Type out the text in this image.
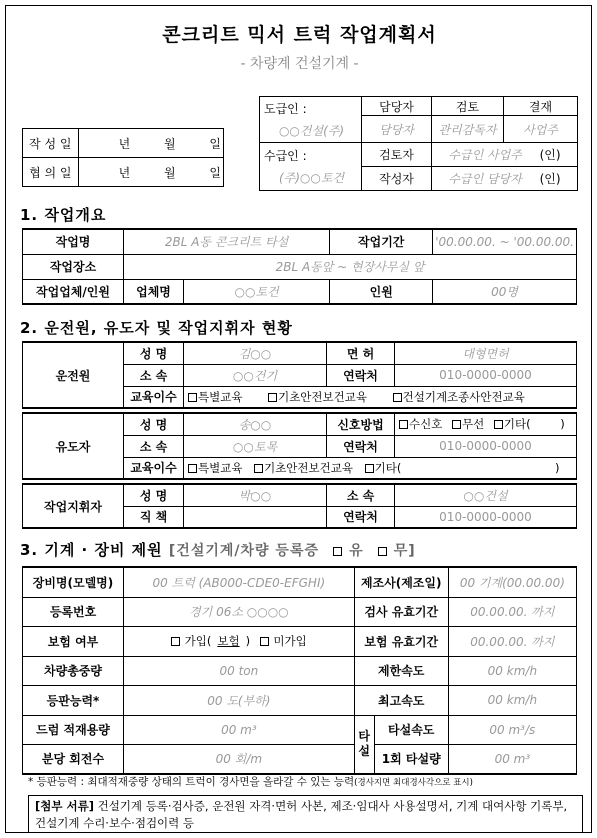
콘크리트 믹서 트럭 작업계획서
- 차량계 건설기계 -
작 성 일	년 월 일
협 의 일	년 월 일
도급인 :
○○건설(주)	담당자	검토	결재
	담당자	관리감독자	사업주

수급인 :
(주)○○토건	검토자	수급인 사업주 (인)	
	작성자	수급인 담당자 (인)	
1. 작업개요
작업명	2BL A동 콘크리트 타설		작업기간	'00.00.00. ~ '00.00.00.
작업장소	2BL A동앞 ~ 현장사무실 앞			
작업업체/인원	업체명	○○토건	인원	00명
2. 운전원, 유도자 및 작업지휘자 현황
운전원	성 명	김○○	면 허	대형면허
	소 속	○○건기	연락처	010-0000-0000
	교육이수	특별교육 기초안전보건교육 건설기계조종사안전교육		
유도자	성 명	송○○	신호방법	수신호 무선 기타( )
	소 속	○○토목	연락처	010-0000-0000
	교육이수	특별교육 기초안전보건교육 기타( )		
작업지휘자	성 명	박○○	소 속	○○건설
	직 책		연락처	010-0000-0000
3. 기계 · 장비 제원 [건설기계/차량 등록증 유 무]
장비명(모델명)	00 트럭 (AB000-CDE0-EFGHI)	제조사(제조일)		00 기계(00.00.00)
등록번호	경기 06소 ○○○○	검사 유효기간		00.00.00. 까지
보험 여부	가입( 보험 ) 미가입	보험 유효기간		00.00.00. 까지
차량총중량	00 ton	제한속도		00 km/h
등판능력*	00 도(부하)	최고속도		00 km/h
드럼 적재용량	00 m³	타설	타설속도	00 m³/s
분당 회전수	00 회/m		1회 타설량	00 m³
* 등판능력 : 최대적재중량 상태의 트럭이 경사면을 올라갈 수 있는 능력(경사지면 최대경사각으로 표시)
[첨부 서류] 건설기계 등록·검사증, 운전원 자격·면허 사본, 제조·임대사 사용설명서, 기계 대여사항 기록부, 건설기계 수리·보수·점검이력 등
